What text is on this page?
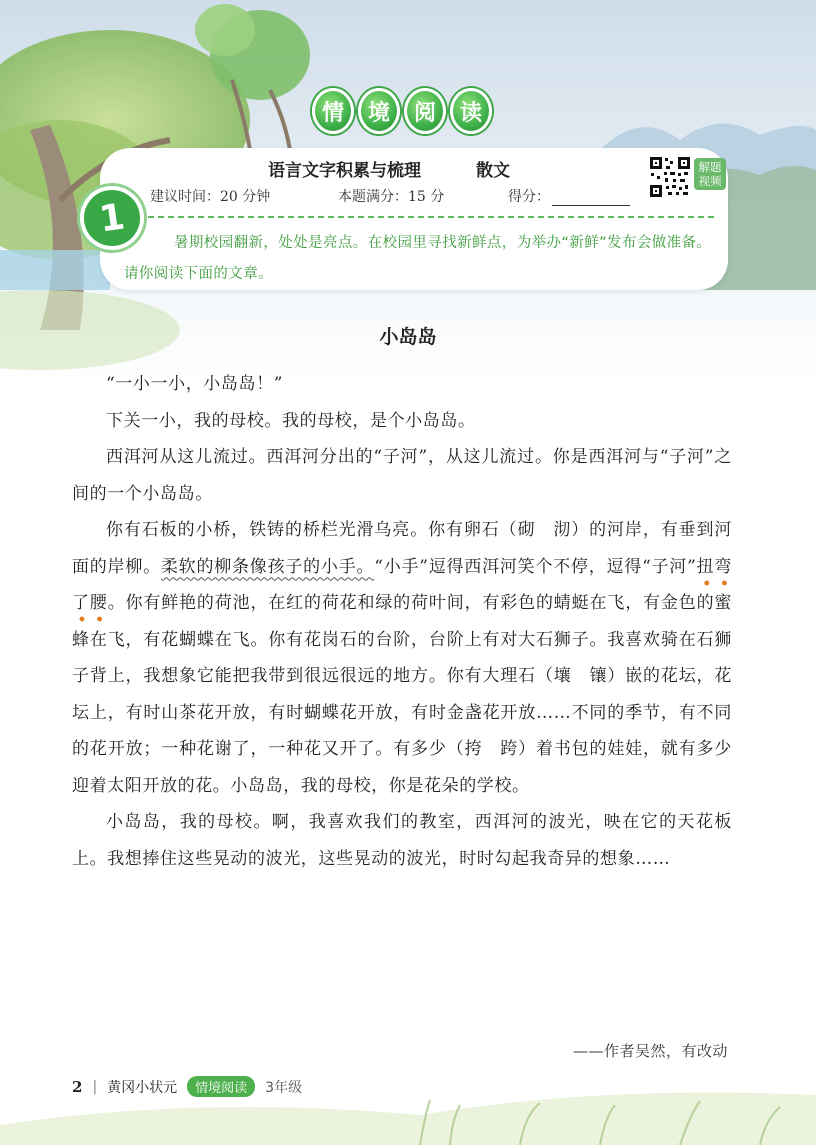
情	境	阅	读
1
语言文字积累与梳理	散文
建议时间：20 分钟	本题满分：15 分	得分：
暑期校园翻新，处处是亮点。在校园里寻找新鲜点，为举办“新鲜”发布会做准备。请你阅读下面的文章。
解题视频
小岛岛

“一小一小，小岛岛！”

下关一小，我的母校。我的母校，是个小岛岛。

西洱河从这儿流过。西洱河分出的“子河”，从这儿流过。你是西洱河与“子河”之间的一个小岛岛。

你有石板的小桥，铁铸的桥栏光滑乌亮。你有卵石（砌　沏）的河岸，有垂到河面的岸柳。柔软的柳条像孩子的小手。“小手”逗得西洱河笑个不停，逗得“子河”扭弯了腰。你有鲜艳的荷池，在红的荷花和绿的荷叶间，有彩色的蜻蜓在飞，有金色的蜜蜂在飞，有花蝴蝶在飞。你有花岗石的台阶，台阶上有对大石狮子。我喜欢骑在石狮子背上，我想象它能把我带到很远很远的地方。你有大理石（壤　镶）嵌的花坛，花坛上，有时山茶花开放，有时蝴蝶花开放，有时金盏花开放……不同的季节，有不同的花开放；一种花谢了，一种花又开了。有多少（挎　跨）着书包的娃娃，就有多少迎着太阳开放的花。小岛岛，我的母校，你是花朵的学校。

小岛岛，我的母校。啊，我喜欢我们的教室，西洱河的波光，映在它的天花板上。我想捧住这些晃动的波光，这些晃动的波光，时时勾起我奇异的想象……

——作者吴然，有改动
2 | 黄冈小状元	情境阅读	3年级
